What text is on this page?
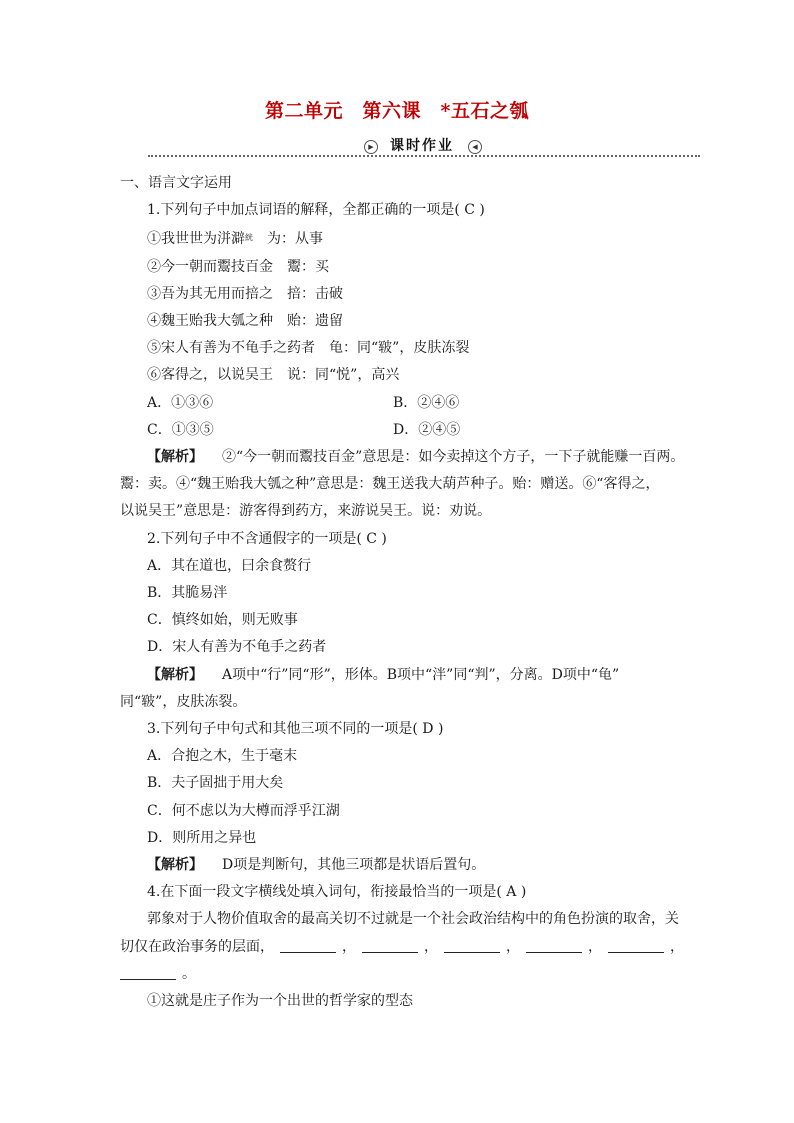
第二单元　第六课　*五石之瓠
▶	课时作业	◀

一、语言文字运用

1.下列句子中加点词语的解释，全都正确的一项是( C )

①我世世为洴澼$^絖$　为：从事

②今一朝而鬻技百金　鬻：买

③吾为其无用而掊之　掊：击破

④魏王贻我大瓠之种　贻：遗留

⑤宋人有善为不龟手之药者　龟：同“皲”，皮肤冻裂

⑥客得之，以说吴王　说：同“悦”，高兴

A．①③⑥	B．②④⑥
C．①③⑤	D．②④⑤

【解析】　②“今一朝而鬻技百金”意思是：如今卖掉这个方子，一下子就能赚一百两。

鬻：卖。④“魏王贻我大瓠之种”意思是：魏王送我大葫芦种子。贻：赠送。⑥“客得之，

以说吴王”意思是：游客得到药方，来游说吴王。说：劝说。

2.下列句子中不含通假字的一项是( C )

A．其在道也，曰余食赘行

B．其脆易泮

C．慎终如始，则无败事

D．宋人有善为不龟手之药者

【解析】　A项中“行”同“形”，形体。B项中“泮”同“判”，分离。D项中“龟”

同“皲”，皮肤冻裂。

3.下列句子中句式和其他三项不同的一项是( D )

A．合抱之木，生于毫末

B．夫子固拙于用大矣

C．何不虑以为大樽而浮乎江湖

D．则所用之异也

【解析】　D项是判断句，其他三项都是状语后置句。

4.在下面一段文字横线处填入词句，衔接最恰当的一项是( A )

郭象对于人物价值取舍的最高关切不过就是一个社会政治结构中的角色扮演的取舍，关

切仅在政治事务的层面，	，	，	，	，	，

。

①这就是庄子作为一个出世的哲学家的型态
